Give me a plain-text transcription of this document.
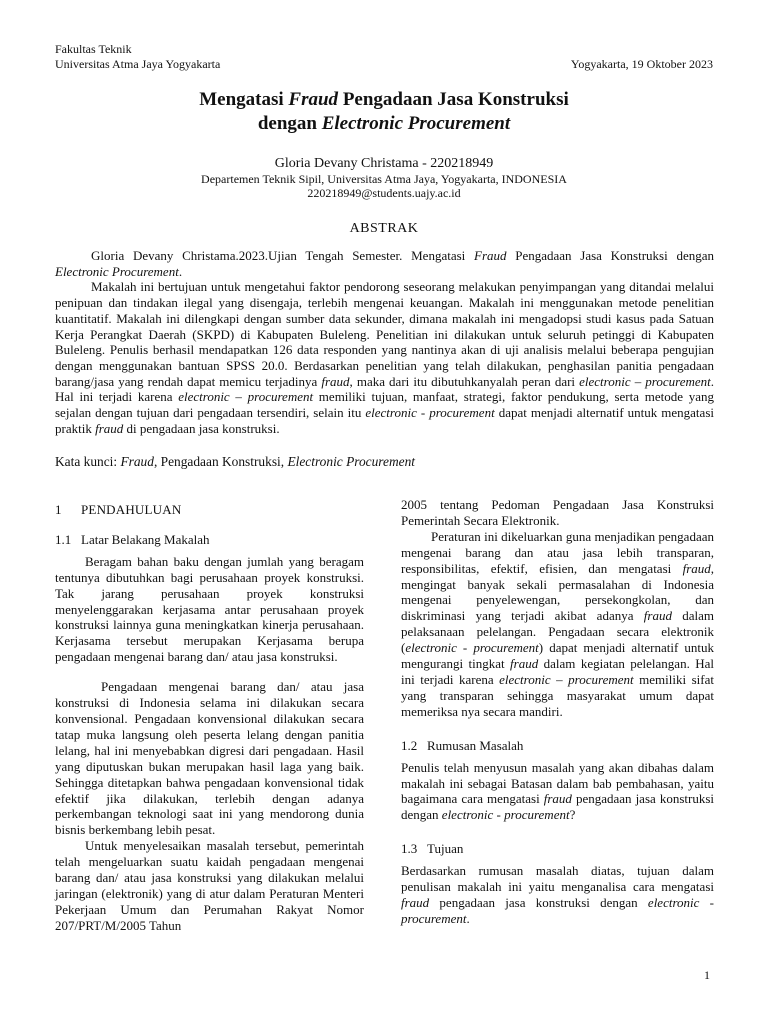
Fakultas Teknik
Universitas Atma Jaya Yogyakarta	Yogyakarta, 19 Oktober 2023
Mengatasi Fraud Pengadaan Jasa Konstruksi
dengan Electronic Procurement
Gloria Devany Christama - 220218949
Departemen Teknik Sipil, Universitas Atma Jaya, Yogyakarta, INDONESIA
220218949@students.uajy.ac.id
ABSTRAK

Gloria Devany Christama.2023.Ujian Tengah Semester. Mengatasi Fraud Pengadaan Jasa Konstruksi dengan Electronic Procurement.

Makalah ini bertujuan untuk mengetahui faktor pendorong seseorang melakukan penyimpangan yang ditandai melalui penipuan dan tindakan ilegal yang disengaja, terlebih mengenai keuangan. Makalah ini menggunakan metode penelitian kuantitatif. Makalah ini dilengkapi dengan sumber data sekunder, dimana makalah ini mengadopsi studi kasus pada Satuan Kerja Perangkat Daerah (SKPD) di Kabupaten Buleleng. Penelitian ini dilakukan untuk seluruh petinggi di Kabupaten Buleleng. Penulis berhasil mendapatkan 126 data responden yang nantinya akan di uji analisis melalui beberapa pengujian dengan menggunakan bantuan SPSS 20.0. Berdasarkan penelitian yang telah dilakukan, penghasilan panitia pengadaan barang/jasa yang rendah dapat memicu terjadinya fraud, maka dari itu dibutuhkanyalah peran dari electronic – procurement. Hal ini terjadi karena electronic – procurement memiliki tujuan, manfaat, strategi, faktor pendukung, serta metode yang sejalan dengan tujuan dari pengadaan tersendiri, selain itu electronic - procurement dapat menjadi alternatif untuk mengatasi praktik fraud di pengadaan jasa konstruksi.

Kata kunci: Fraud, Pengadaan Konstruksi, Electronic Procurement

1 PENDAHULUAN

1.1 Latar Belakang Makalah

Beragam bahan baku dengan jumlah yang beragam tentunya dibutuhkan bagi perusahaan proyek konstruksi. Tak jarang perusahaan proyek konstruksi menyelenggarakan kerjasama antar perusahaan proyek konstruksi lainnya guna meningkatkan kinerja perusahaan. Kerjasama tersebut merupakan Kerjasama berupa pengadaan mengenai barang dan/ atau jasa konstruksi.

Pengadaan mengenai barang dan/ atau jasa konstruksi di Indonesia selama ini dilakukan secara konvensional. Pengadaan konvensional dilakukan secara tatap muka langsung oleh peserta lelang dengan panitia lelang, hal ini menyebabkan digresi dari pengadaan. Hasil yang diputuskan bukan merupakan hasil laga yang baik. Sehingga ditetapkan bahwa pengadaan konvensional tidak efektif jika dilakukan, terlebih dengan adanya perkembangan teknologi saat ini yang mendorong dunia bisnis berkembang lebih pesat.

Untuk menyelesaikan masalah tersebut, pemerintah telah mengeluarkan suatu kaidah pengadaan mengenai barang dan/ atau jasa konstruksi yang dilakukan melalui jaringan (elektronik) yang di atur dalam Peraturan Menteri Pekerjaan Umum dan Perumahan Rakyat Nomor 207/PRT/M/2005 Tahun

2005 tentang Pedoman Pengadaan Jasa Konstruksi Pemerintah Secara Elektronik.

Peraturan ini dikeluarkan guna menjadikan pengadaan mengenai barang dan atau jasa lebih transparan, responsibilitas, efektif, efisien, dan mengatasi fraud, mengingat banyak sekali permasalahan di Indonesia mengenai penyelewengan, persekongkolan, dan diskriminasi yang terjadi akibat adanya fraud dalam pelaksanaan pelelangan. Pengadaan secara elektronik (electronic - procurement) dapat menjadi alternatif untuk mengurangi tingkat fraud dalam kegiatan pelelangan. Hal ini terjadi karena electronic – procurement memiliki sifat yang transparan sehingga masyarakat umum dapat memeriksa nya secara mandiri.

1.2 Rumusan Masalah

Penulis telah menyusun masalah yang akan dibahas dalam makalah ini sebagai Batasan dalam bab pembahasan, yaitu bagaimana cara mengatasi fraud pengadaan jasa konstruksi dengan electronic - procurement?

1.3 Tujuan

Berdasarkan rumusan masalah diatas, tujuan dalam penulisan makalah ini yaitu menganalisa cara mengatasi fraud pengadaan jasa konstruksi dengan electronic - procurement.

1
